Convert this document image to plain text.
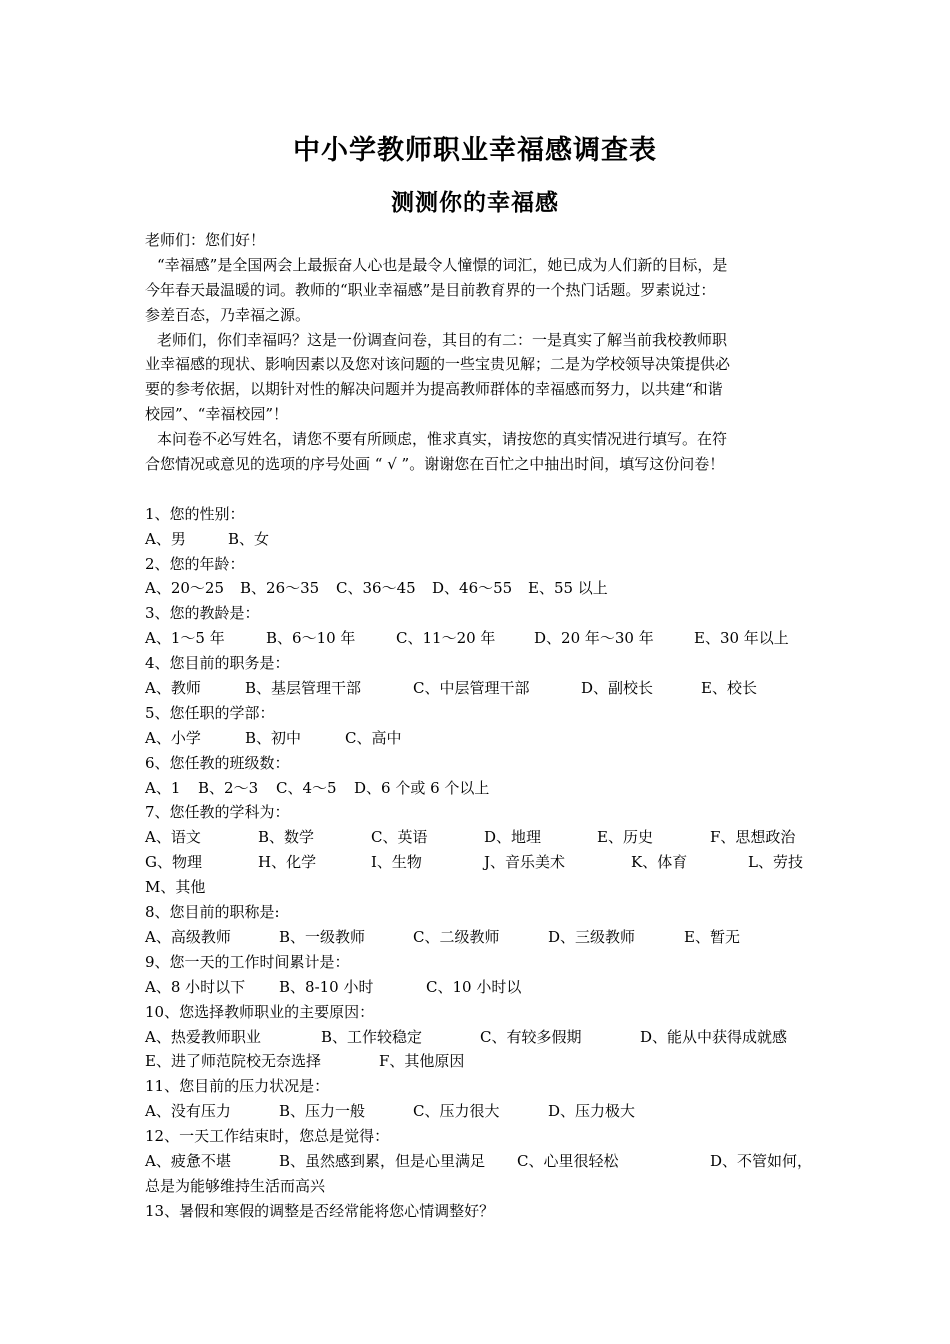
中小学教师职业幸福感调查表
测测你的幸福感
老师们：您们好！
“幸福感”是全国两会上最振奋人心也是最令人憧憬的词汇，她已成为人们新的目标，是
今年春天最温暖的词。教师的“职业幸福感”是目前教育界的一个热门话题。罗素说过：
参差百态，乃幸福之源。
老师们，你们幸福吗？这是一份调查问卷，其目的有二：一是真实了解当前我校教师职
业幸福感的现状、影响因素以及您对该问题的一些宝贵见解；二是为学校领导决策提供必
要的参考依据，以期针对性的解决问题并为提高教师群体的幸福感而努力，以共建“和谐
校园”、“幸福校园”！
本问卷不必写姓名，请您不要有所顾虑，惟求真实，请按您的真实情况进行填写。在符
合您情况或意见的选项的序号处画 “ √ ”。谢谢您在百忙之中抽出时间，填写这份问卷！
1、您的性别：
A、男	B、女
2、您的年龄：
A、20～25 B、26～35 C、36～45 D、46～55 E、55 以上
3、您的教龄是：
A、1～5 年	B、6～10 年	C、11～20 年	D、20 年～30 年	E、30 年以上
4、您目前的职务是：
A、教师	B、基层管理干部	C、中层管理干部	D、副校长	E、校长
5、您任职的学部：
A、小学	B、初中	C、高中
6、您任教的班级数：
A、1 B、2～3 C、4～5 D、6 个或 6 个以上
7、您任教的学科为：
A、语文	B、数学	C、英语	D、地理	E、历史	F、思想政治
G、物理	H、化学	I、生物	J、音乐美术	K、体育	L、劳技
M、其他
8、您目前的职称是:
A、高级教师	B、一级教师	C、二级教师	D、三级教师	E、暂无
9、您一天的工作时间累计是：
A、8 小时以下 B、8-10 小时	C、10 小时以
10、您选择教师职业的主要原因：
A、热爱教师职业	B、工作较稳定	C、有较多假期	D、能从中获得成就感
E、进了师范院校无奈选择	F、其他原因
11、您目前的压力状况是：
A、没有压力	B、压力一般	C、压力很大	D、压力极大
12、一天工作结束时，您总是觉得：
A、疲惫不堪	B、虽然感到累，但是心里满足 C、心里很轻松	D、不管如何，
总是为能够维持生活而高兴
13、暑假和寒假的调整是否经常能将您心情调整好？
